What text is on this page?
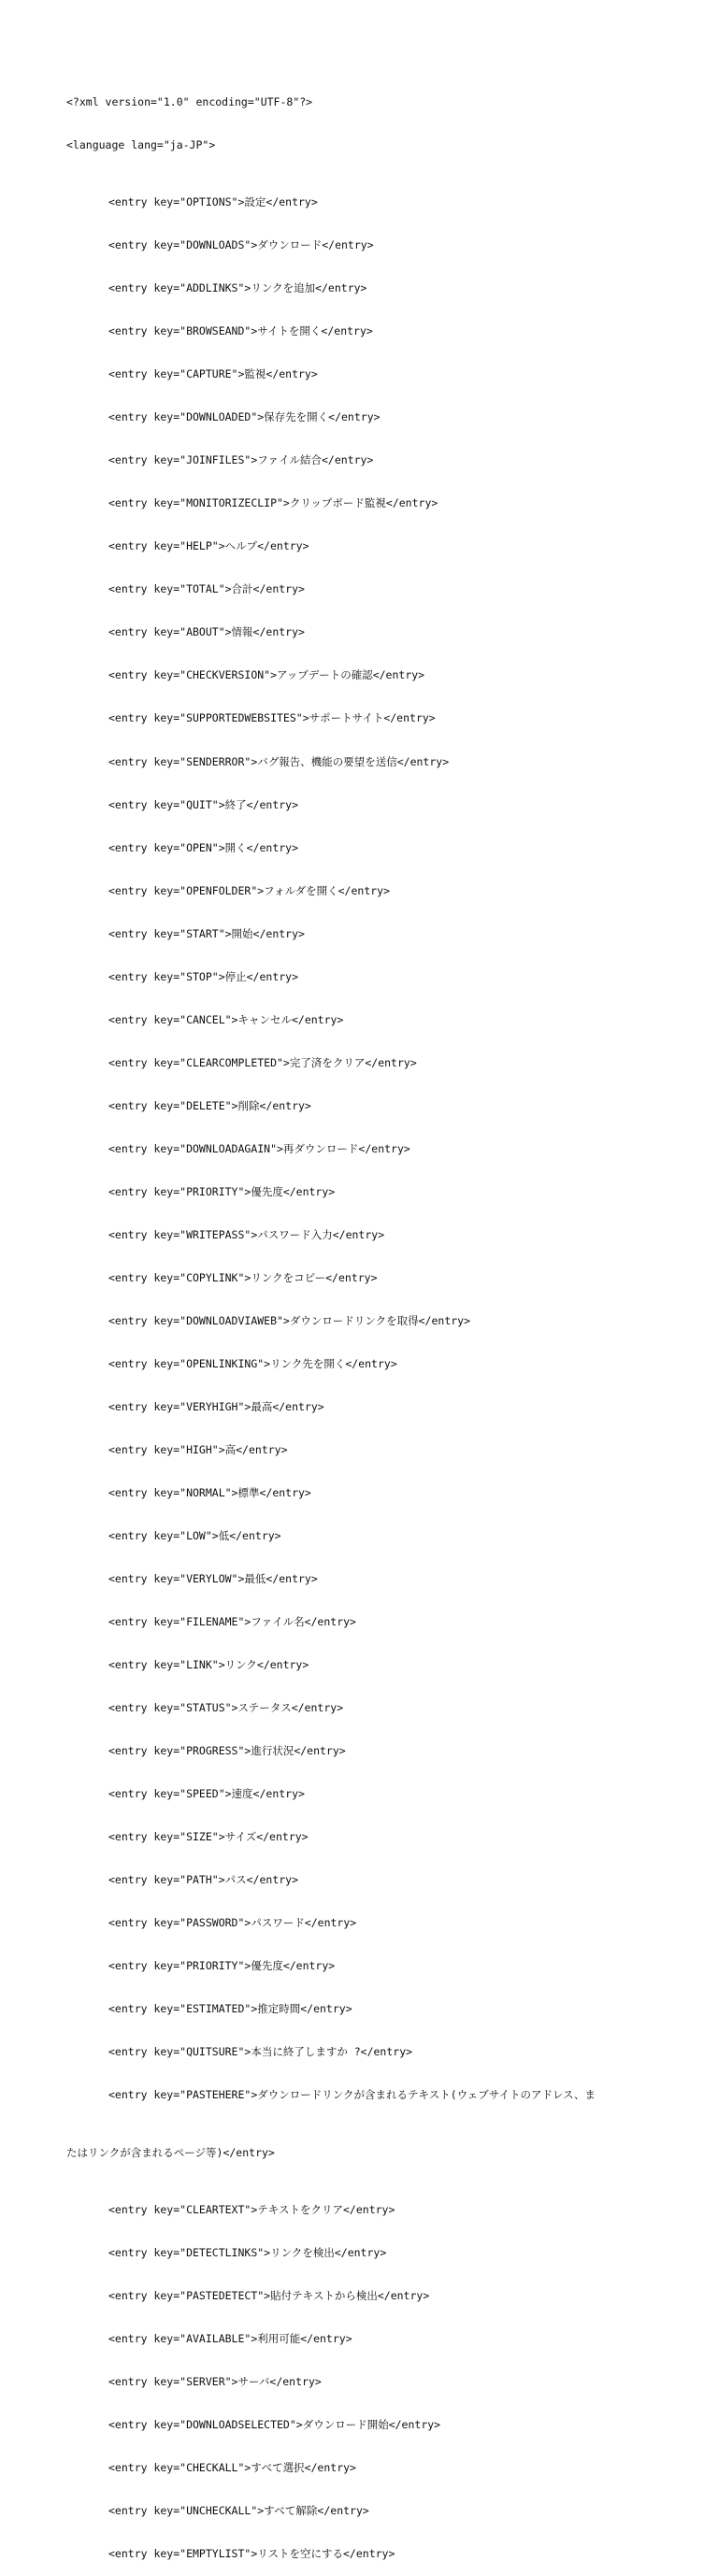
<?xml version="1.0" encoding="UTF-8"?>

<language lang="ja-JP">

<entry key="OPTIONS">設定</entry>

<entry key="DOWNLOADS">ダウンロード</entry>

<entry key="ADDLINKS">リンクを追加</entry>

<entry key="BROWSEAND">サイトを開く</entry>

<entry key="CAPTURE">監視</entry>

<entry key="DOWNLOADED">保存先を開く</entry>

<entry key="JOINFILES">ファイル結合</entry>

<entry key="MONITORIZECLIP">クリップボード監視</entry>

<entry key="HELP">ヘルプ</entry>

<entry key="TOTAL">合計</entry>

<entry key="ABOUT">情報</entry>

<entry key="CHECKVERSION">アップデートの確認</entry>

<entry key="SUPPORTEDWEBSITES">サポートサイト</entry>

<entry key="SENDERROR">バグ報告、機能の要望を送信</entry>

<entry key="QUIT">終了</entry>

<entry key="OPEN">開く</entry>

<entry key="OPENFOLDER">フォルダを開く</entry>

<entry key="START">開始</entry>

<entry key="STOP">停止</entry>

<entry key="CANCEL">キャンセル</entry>

<entry key="CLEARCOMPLETED">完了済をクリア</entry>

<entry key="DELETE">削除</entry>

<entry key="DOWNLOADAGAIN">再ダウンロード</entry>

<entry key="PRIORITY">優先度</entry>

<entry key="WRITEPASS">パスワード入力</entry>

<entry key="COPYLINK">リンクをコピー</entry>

<entry key="DOWNLOADVIAWEB">ダウンロードリンクを取得</entry>

<entry key="OPENLINKING">リンク先を開く</entry>

<entry key="VERYHIGH">最高</entry>

<entry key="HIGH">高</entry>

<entry key="NORMAL">標準</entry>

<entry key="LOW">低</entry>

<entry key="VERYLOW">最低</entry>

<entry key="FILENAME">ファイル名</entry>

<entry key="LINK">リンク</entry>

<entry key="STATUS">ステータス</entry>

<entry key="PROGRESS">進行状況</entry>

<entry key="SPEED">速度</entry>

<entry key="SIZE">サイズ</entry>

<entry key="PATH">パス</entry>

<entry key="PASSWORD">パスワード</entry>

<entry key="PRIORITY">優先度</entry>

<entry key="ESTIMATED">推定時間</entry>

<entry key="QUITSURE">本当に終了しますか ?</entry>

<entry key="PASTEHERE">ダウンロードリンクが含まれるテキスト(ウェブサイトのアドレス、ま

たはリンクが含まれるページ等)</entry>

<entry key="CLEARTEXT">テキストをクリア</entry>

<entry key="DETECTLINKS">リンクを検出</entry>

<entry key="PASTEDETECT">貼付テキストから検出</entry>

<entry key="AVAILABLE">利用可能</entry>

<entry key="SERVER">サーバ</entry>

<entry key="DOWNLOADSELECTED">ダウンロード開始</entry>

<entry key="CHECKALL">すべて選択</entry>

<entry key="UNCHECKALL">すべて解除</entry>

<entry key="EMPTYLIST">リストを空にする</entry>
